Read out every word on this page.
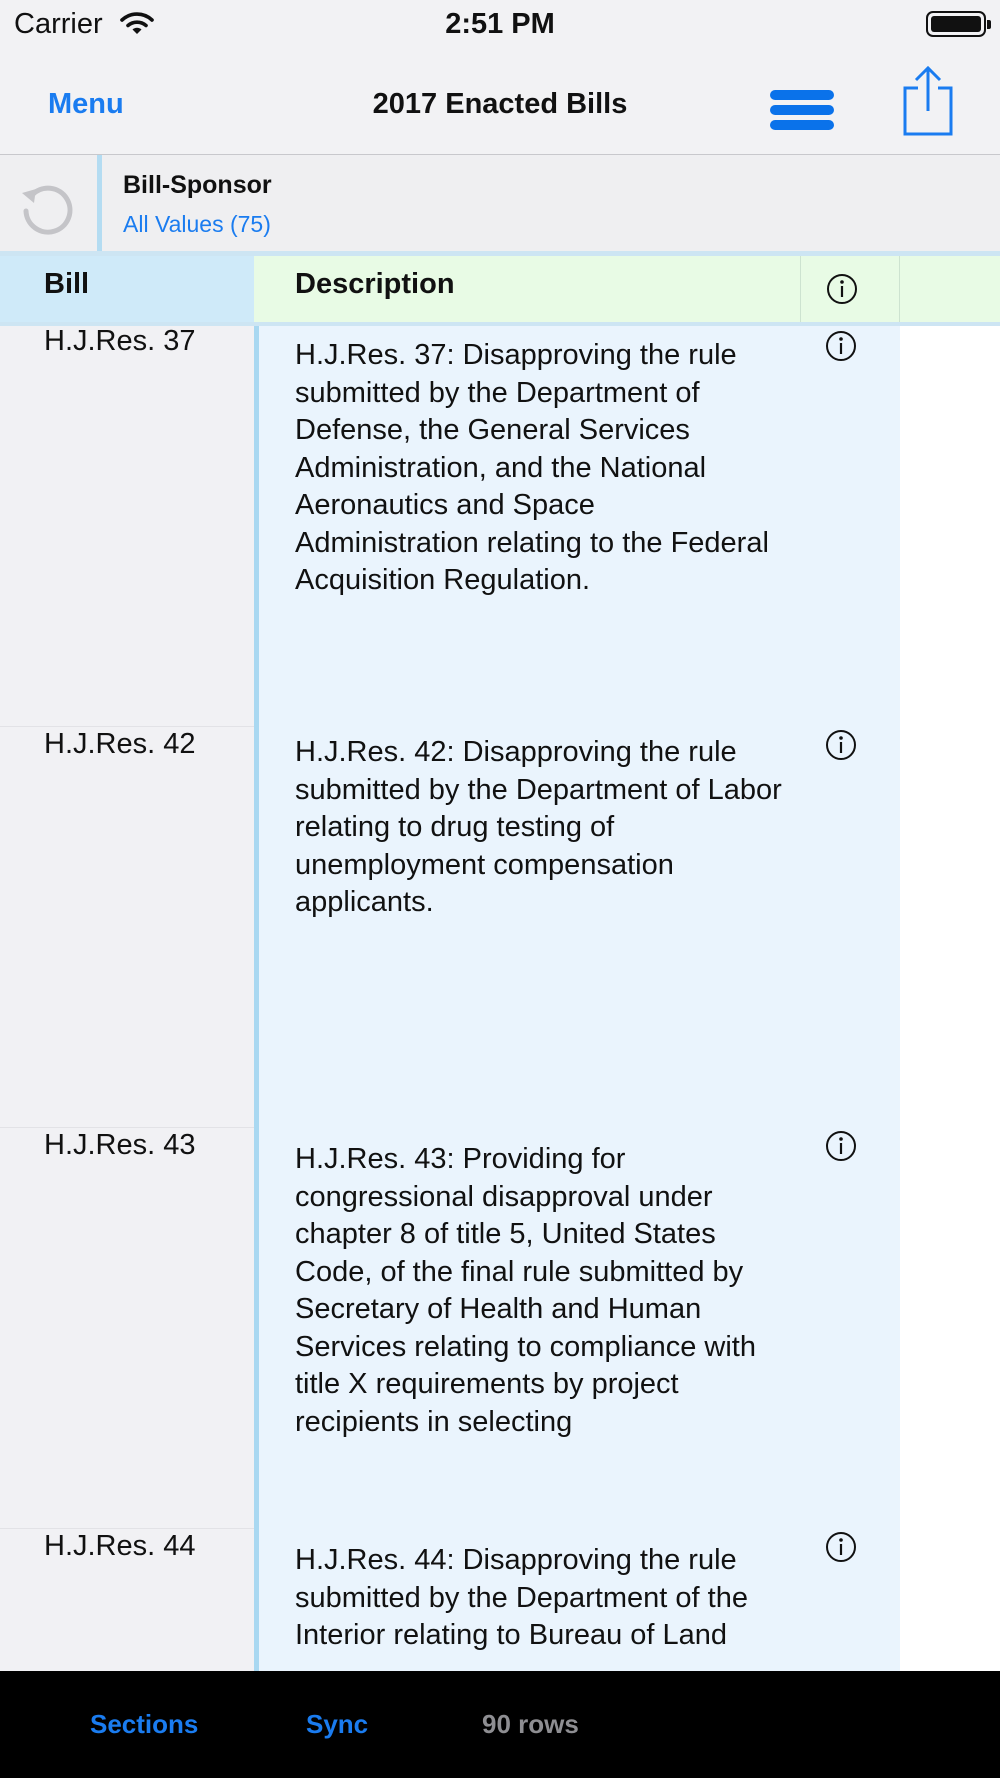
Carrier	2:51 PM
Menu	2017 Enacted Bills
Bill-Sponsor
All Values (75)
Bill	Description
H.J.Res. 37	H.J.Res. 37: Disapproving the rule submitted by the Department of Defense, the General Services Administration, and the National Aeronautics and Space Administration relating to the Federal Acquisition Regulation.
H.J.Res. 42	H.J.Res. 42: Disapproving the rule submitted by the Department of Labor relating to drug testing of unemployment compensation applicants.
H.J.Res. 43	H.J.Res. 43: Providing for congressional disapproval under chapter 8 of title 5, United States Code, of the final rule submitted by Secretary of Health and Human Services relating to compliance with title X requirements by project recipients in selecting
H.J.Res. 44	H.J.Res. 44: Disapproving the rule submitted by the Department of the Interior relating to Bureau of Land
Sections	Sync	90 rows
